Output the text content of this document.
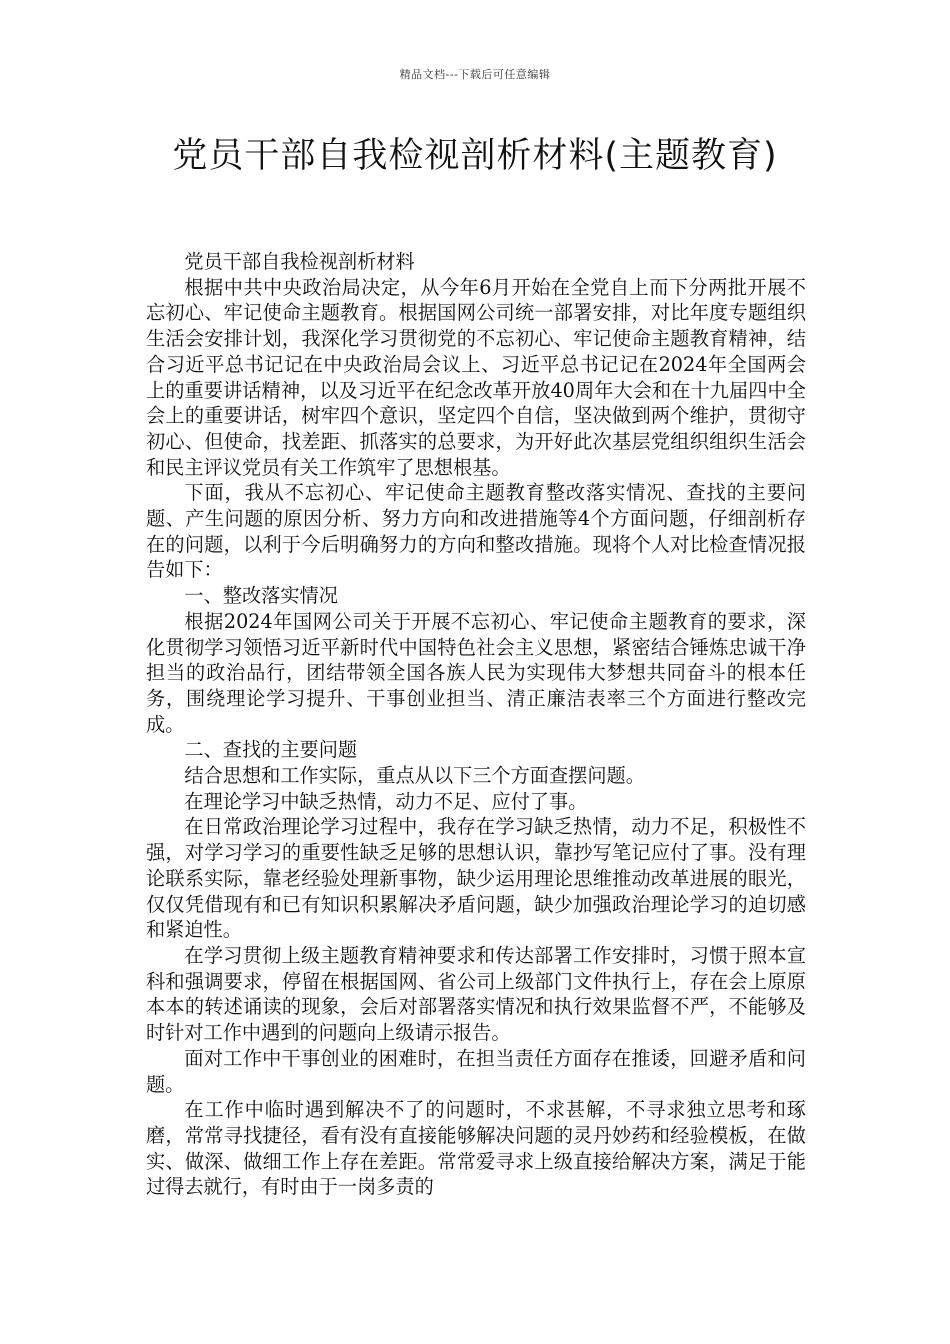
精品文档---下载后可任意编辑
党员干部自我检视剖析材料(主题教育)

党员干部自我检视剖析材料

根据中共中央政治局决定，从今年6月开始在全党自上而下分两批开展不忘初心、牢记使命主题教育。根据国网公司统一部署安排，对比年度专题组织生活会安排计划，我深化学习贯彻党的不忘初心、牢记使命主题教育精神，结合习近平总书记记在中央政治局会议上、习近平总书记记在2024年全国两会上的重要讲话精神，以及习近平在纪念改革开放40周年大会和在十九届四中全会上的重要讲话，树牢四个意识，坚定四个自信，坚决做到两个维护，贯彻守初心、但使命，找差距、抓落实的总要求，为开好此次基层党组织组织生活会和民主评议党员有关工作筑牢了思想根基。

下面，我从不忘初心、牢记使命主题教育整改落实情况、查找的主要问题、产生问题的原因分析、努力方向和改进措施等4个方面问题，仔细剖析存在的问题，以利于今后明确努力的方向和整改措施。现将个人对比检查情况报告如下：

一、整改落实情况

根据2024年国网公司关于开展不忘初心、牢记使命主题教育的要求，深化贯彻学习领悟习近平新时代中国特色社会主义思想，紧密结合锤炼忠诚干净担当的政治品行，团结带领全国各族人民为实现伟大梦想共同奋斗的根本任务，围绕理论学习提升、干事创业担当、清正廉洁表率三个方面进行整改完成。

二、查找的主要问题

结合思想和工作实际，重点从以下三个方面查摆问题。

在理论学习中缺乏热情，动力不足、应付了事。

在日常政治理论学习过程中，我存在学习缺乏热情，动力不足，积极性不强，对学习学习的重要性缺乏足够的思想认识，靠抄写笔记应付了事。没有理论联系实际，靠老经验处理新事物，缺少运用理论思维推动改革进展的眼光，仅仅凭借现有和已有知识积累解决矛盾问题，缺少加强政治理论学习的迫切感和紧迫性。

在学习贯彻上级主题教育精神要求和传达部署工作安排时，习惯于照本宣科和强调要求，停留在根据国网、省公司上级部门文件执行上，存在会上原原本本的转述诵读的现象，会后对部署落实情况和执行效果监督不严，不能够及时针对工作中遇到的问题向上级请示报告。

面对工作中干事创业的困难时，在担当责任方面存在推诿，回避矛盾和问题。

在工作中临时遇到解决不了的问题时，不求甚解，不寻求独立思考和琢磨，常常寻找捷径，看有没有直接能够解决问题的灵丹妙药和经验模板，在做实、做深、做细工作上存在差距。常常爱寻求上级直接给解决方案，满足于能过得去就行，有时由于一岗多责的
